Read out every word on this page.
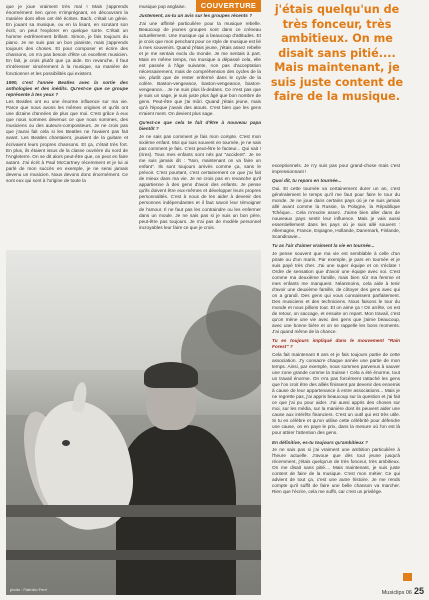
COUVERTURE

que je joue vraiment très mal ! Mais j'apprends énormément rien qu'en m'imprégnant, en découvrant la manière dont elles ont été écrites. Bach, c'était un génie. En jouant sa musique, ou en la lisant, en scrutant son écrit, on peut l'explorer en quelque sorte. C'était un homme extrêmement brillant. Simon, je fais toujours du piano. Je ne suis pas un bon pianiste, mais j'apprends toujours des choses. Et pour composer et écrire des chansons, on n'a pas besoin d'être un excellent musicien. En fait, je crois plutôt que ça aide. En revanche, il faut s'intéresser sincèrement à la musique, sa manière de fonctionner et les possibilités qui existent.

1990, c'est l'année Beatles avec la sortie des anthologies et des inédits. Qu'est-ce que ce groupe représente à tes yeux ?

Les Beatles ont eu une énorme influence sur ma vie. Parce que nous avons les mêmes origines et qu'ils ont une dizaine d'années de plus que moi. C'est grâce à eux que nous sommes devenus ce que nous sommes, des musiciens ou des auteurs-compositeurs. Je ne crois pas que j'aurai fait cela si les Beatles ne l'avaient pas fait avant. Les Beatles chantaient, jouaient de la guitare et écrivaient leurs propres chansons. Et ça, c'était très fort. En plus, ils étaient issus de la classe ouvrière du nord de l'Angleterre. On se dit alors peut-être que, on peut en faire autant. J'ai écrit à Paul McCartney récemment et je lui ai parlé de mon succès en exemple, je ne serai jamais devenu un musicien. Nous devons donc énormément. Ce sont eux qui sont à l'origine de toute la

musique pop anglaise.

Justement, as-tu un avis sur les groupes récents ?

J'ai une affinité particulière pour la musique rebelle. Beaucoup de jeunes groupes sont dans ce créneau actuellement. Une musique qui a beaucoup d'attitudes. Et je crois que mon penchant pour ce style de musique est lié à mes souvenirs. Quand j'étais jeune, j'étais assez rebelle et je me sentais exclu du monde. Je me sentais à part. Mais en même temps, ma musique a dépassé cela, elle est passée à l'âge suivante, non pas d'acceptation nécessairement, mais de compréhension des cycles de la vie, plutôt que de rester enfermé dans le cycle de la colère. Baston-vengeance, baston-vengeance, baston-vengeance... Je ne suis plus là-dedans. Ce n'est pas que je suis un sage, je suis juste plus âgé que bon nombre de gens. Peut-être que j'ai mûri. Quand j'étais jeune, mais qu'à l'époque j'avais des atouts. C'est bien que les gens m'aient ment. On devient plus sage.

Qu'est-ce que cela te fait d'être à nouveau papa bientôt ?

Je ne sais pas comment je fais mon compte. C'est mon sixième enfant. Moi qui suis souvent en tournée, je ne sais pas comment je fais. C'est peut-être le facteur... Qui sait ! (rires). Tous mes enfants sont nés par "accident". Je ne me suis jamais dit : "Non, maintenant on va faire un enfant". Ils sont toujours arrivés comme ça, sans le prévoir. C'est pourtant, c'est certainement ce que j'ai fait de mieux dans ma vie. Je ne crois pas en revanche qu'il appartienne à des gens d'avoir des enfants. Je pense qu'ils doivent être eux-mêmes et développer leurs propres personnalités. C'est à nous de les aider à devenir des personnes indépendantes et il faut savoir leur témoigner de l'amour. Il ne faut pas les contraindre ou les enfermer dans un moule. Je ne sais pas si je suis un bon père, peut-être pas toujours. Je n'ai pas de modèle personnel incroyables leur faire ce que je crois.

j'étais quelqu'un de très fonceur, très ambitieux. On me disait sans pitié.... Mais maintenant, je suis juste content de faire de la musique.

exceptionnels. Je n'y suis pas pour grand-chose mais c'est impressionnant !

Quoi dit, tu repars en tournée...

Oui. Et cette tournée va certainement durer un an, c'est généralement le temps qu'il me faut pour faire le tour du monde. Je ne joue dans certains pays où je ne suis jamais allé avant comme la Russie, la Pologne, la République Tchèque... Cela m'excite assez. J'aime bien aller dans de nouveaux pays sentir leur influence. Mais je vais aussi essentiellement dans les pays où je suis allé souvent : Allemagne, France, Espagne, Hollande, Danemark, Finlande, Scandinavie...

Tu as l'air d'aimer vraiment la vie en tournée...

Je pense souvent que ma vie est semblable à celle d'un pirate ou d'un marin. Par exemple, je pars en tournée et je suis payé très cher. J'ai une super équipe et on s'éclate ! Ordre de sensation que d'avoir une équipe avec soi. C'est comme ma deuxième famille, mais bien sûr ma femme et mes enfants me manquent. Néanmoins, cela aide à tenir d'avoir une deuxième famille, de côtoyer des gens avec qui on a grandi. Des gens qui vous connaissent parfaitement. Des musiciens et des techniciens. Nous faisons le tour du monde et nous pillons tout. Et on aime ça ! On arrête, on est de retour, on saccage, et ensuite on repart. Mon travail, c'est qu'on mène une vie avec des gens que j'aime beaucoup, avec une bonne bière et on se rappelle les bons moments. J'ai quand même de la chance.

Tu es toujours impliqué dans le mouvement "Rain Forest" ?

Cela fait maintenant 8 ans et je fais toujours partie de cette association. J'y consacre chaque année une partie de mon temps. Ainsi, par exemple, nous sommes parvenus à sauver une zone grande comme la Suisse ! Cela a été énorme, tout un travail énorme. On m'a pas forcément rattaché les gens que l'on croit être des alliés finissent par devenir des ennemis à cause de leur appartenance à entre associations... Mais je ne regrette pas, j'ai appris beaucoup sur la question et j'ai fait ce que j'ai pu pour aider. J'ai aussi appris des choses sur moi, sur les média, sur la manière dont ils peuvent aider une cause aux intérêts financiers. C'est un outil qui est très utile. Si tu es célèbre et qu'on utilise cette célébrité pour défendre une cause, on en paye le prix, dans la mesure où l'on est là pour attirer l'attention des gens.

En définitive, es-tu toujours qu'ambitieux ?

Je ne sais pas si j'ai vraiment une ambition particulière à l'heure actuelle. J'avoue que dès tout jeune jusqu'à récemment, j'étais quelqu'un de très fonceur, très ambitieux. On me disait sans pitié.... Mais maintenant, je suis juste content de faire de la musique. C'est mon métier. Ce qui advient de tout ça, c'est une autre histoire. Je me rends compte qu'il suffit de faire une belle chanson va marcher. Rien que l'écrire, cela me suffit, car c'est un privilège.

photo : Fabrizio Ferri
Musiclips 06 25
